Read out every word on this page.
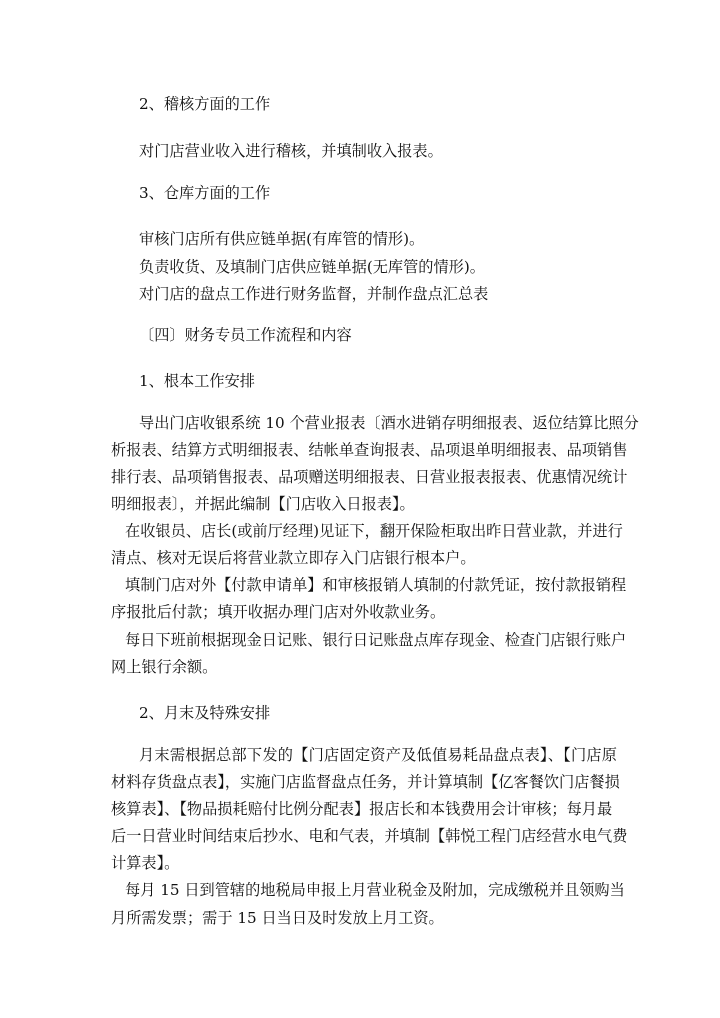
2、稽核方面的工作
对门店营业收入进行稽核，并填制收入报表。
3、仓库方面的工作
审核门店所有供应链单据(有库管的情形)。
负责收货、及填制门店供应链单据(无库管的情形)。
对门店的盘点工作进行财务监督，并制作盘点汇总表
〔四〕财务专员工作流程和内容
1、根本工作安排
导出门店收银系统 10 个营业报表〔酒水进销存明细报表、返位结算比照分
析报表、结算方式明细报表、结帐单查询报表、品项退单明细报表、品项销售
排行表、品项销售报表、品项赠送明细报表、日营业报表报表、优惠情况统计
明细报表〕，并据此编制【门店收入日报表】。
在收银员、店长(或前厅经理)见证下，翻开保险柜取出昨日营业款，并进行
清点、核对无误后将营业款立即存入门店银行根本户。
填制门店对外【付款申请单】和审核报销人填制的付款凭证，按付款报销程
序报批后付款；填开收据办理门店对外收款业务。
每日下班前根据现金日记账、银行日记账盘点库存现金、检查门店银行账户
网上银行余额。
2、月末及特殊安排
月末需根据总部下发的【门店固定资产及低值易耗品盘点表】、【门店原
材料存货盘点表】，实施门店监督盘点任务，并计算填制【亿客餐饮门店餐损
核算表】、【物品损耗赔付比例分配表】报店长和本钱费用会计审核；每月最
后一日营业时间结束后抄水、电和气表，并填制【韩悦工程门店经营水电气费
计算表】。
每月 15 日到管辖的地税局申报上月营业税金及附加，完成缴税并且领购当
月所需发票；需于 15 日当日及时发放上月工资。
